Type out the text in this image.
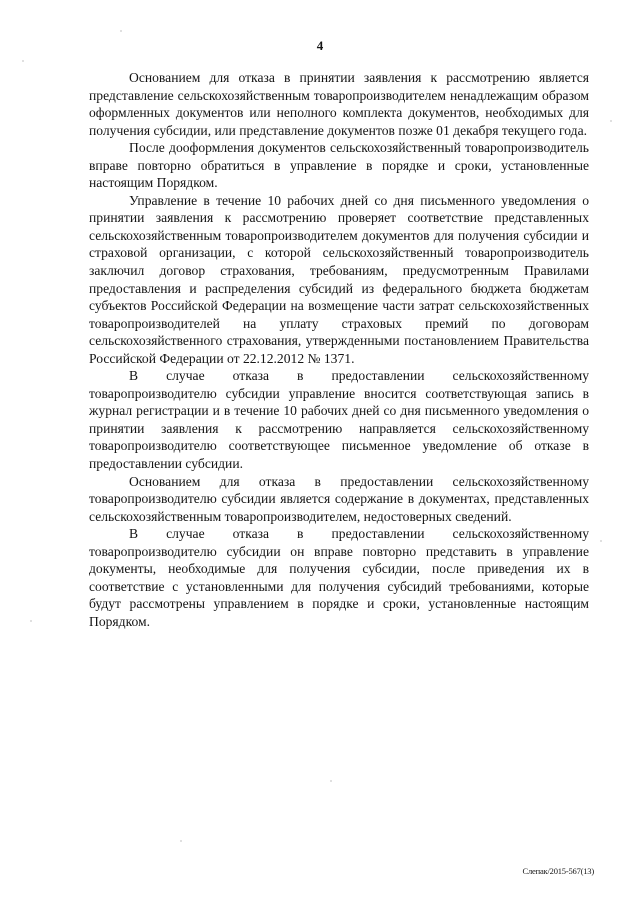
4

Основанием для отказа в принятии заявления к рассмотрению является представление сельскохозяйственным товаропроизводителем ненадлежащим образом оформленных документов или неполного комплекта документов, необходимых для получения субсидии, или представление документов позже 01 декабря текущего года.

После дооформления документов сельскохозяйственный товаропроизводитель вправе повторно обратиться в управление в порядке и сроки, установленные настоящим Порядком.

Управление в течение 10 рабочих дней со дня письменного уведомления о принятии заявления к рассмотрению проверяет соответствие представленных сельскохозяйственным товаропроизводителем документов для получения субсидии и страховой организации, с которой сельскохозяйственный товаропроизводитель заключил договор страхования, требованиям, предусмотренным Правилами предоставления и распределения субсидий из федерального бюджета бюджетам субъектов Российской Федерации на возмещение части затрат сельскохозяйственных товаропроизводителей на уплату страховых премий по договорам сельскохозяйственного страхования, утвержденными постановлением Правительства Российской Федерации от 22.12.2012 № 1371.

В случае отказа в предоставлении сельскохозяйственному товаропроизводителю субсидии управление вносится соответствующая запись в журнал регистрации и в течение 10 рабочих дней со дня письменного уведомления о принятии заявления к рассмотрению направляется сельскохозяйственному товаропроизводителю соответствующее письменное уведомление об отказе в предоставлении субсидии.

Основанием для отказа в предоставлении сельскохозяйственному товаропроизводителю субсидии является содержание в документах, представленных сельскохозяйственным товаропроизводителем, недостоверных сведений.

В случае отказа в предоставлении сельскохозяйственному товаропроизводителю субсидии он вправе повторно представить в управление документы, необходимые для получения субсидии, после приведения их в соответствие с установленными для получения субсидий требованиями, которые будут рассмотрены управлением в порядке и сроки, установленные настоящим Порядком.

Слепак/2015-567(13)
